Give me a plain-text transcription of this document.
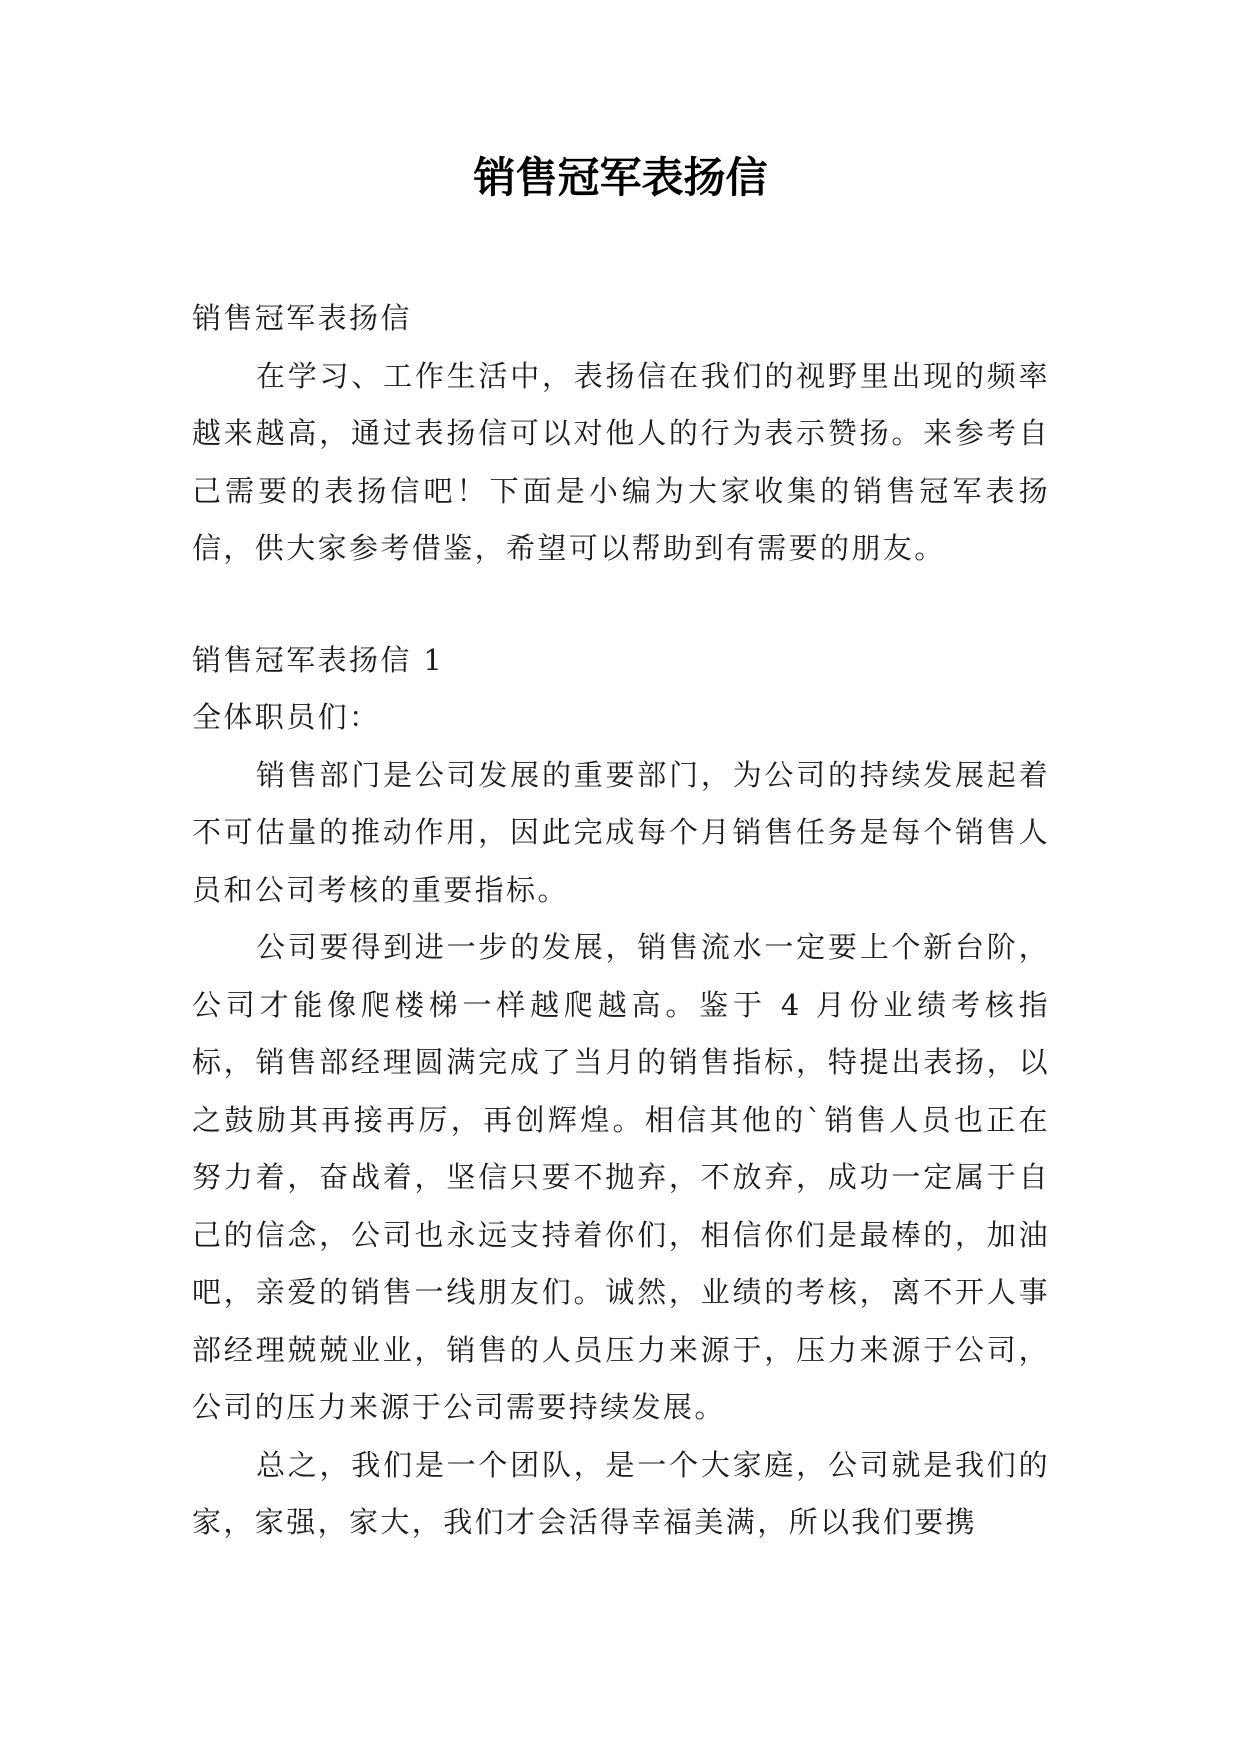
销售冠军表扬信

销售冠军表扬信

在学习、工作生活中，表扬信在我们的视野里出现的频率越来越高，通过表扬信可以对他人的行为表示赞扬。来参考自己需要的表扬信吧！下面是小编为大家收集的销售冠军表扬信，供大家参考借鉴，希望可以帮助到有需要的朋友。

销售冠军表扬信 1

全体职员们：

销售部门是公司发展的重要部门，为公司的持续发展起着不可估量的推动作用，因此完成每个月销售任务是每个销售人员和公司考核的重要指标。

公司要得到进一步的发展，销售流水一定要上个新台阶，公司才能像爬楼梯一样越爬越高。鉴于 4 月份业绩考核指标，销售部经理圆满完成了当月的销售指标，特提出表扬，以之鼓励其再接再厉，再创辉煌。相信其他的`销售人员也正在努力着，奋战着，坚信只要不抛弃，不放弃，成功一定属于自己的信念，公司也永远支持着你们，相信你们是最棒的，加油吧，亲爱的销售一线朋友们。诚然，业绩的考核，离不开人事部经理兢兢业业，销售的人员压力来源于，压力来源于公司，公司的压力来源于公司需要持续发展。

总之，我们是一个团队，是一个大家庭，公司就是我们的家，家强，家大，我们才会活得幸福美满，所以我们要携
